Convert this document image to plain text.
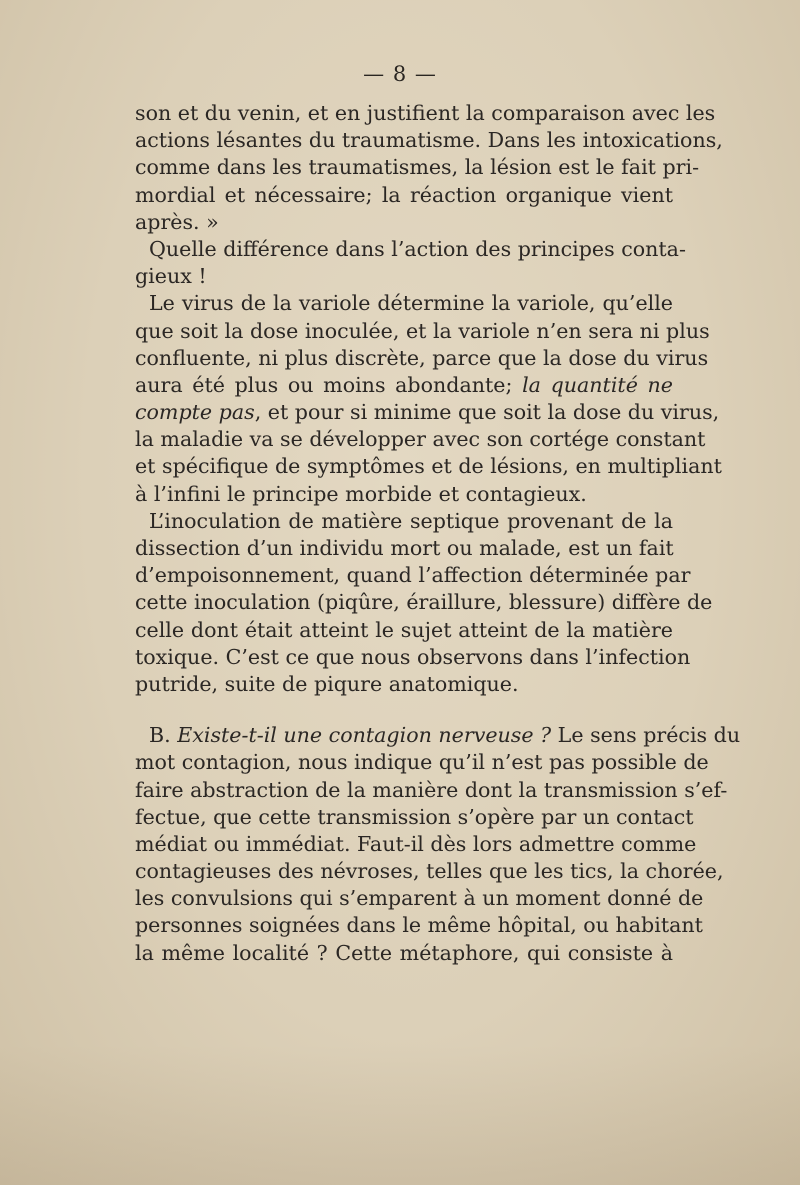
— 8 —
son et du venin, et en justifient la comparaison avec les
actions lésantes du traumatisme. Dans les intoxications,
comme dans les traumatismes, la lésion est le fait pri-
mordial et nécessaire; la réaction organique vient
après. »
Quelle différence dans l’action des principes conta-
gieux !
Le virus de la variole détermine la variole, qu’elle
que soit la dose inoculée, et la variole n’en sera ni plus
confluente, ni plus discrète, parce que la dose du virus
aura été plus ou moins abondante; la quantité ne
compte pas, et pour si minime que soit la dose du virus,
la maladie va se développer avec son cortége constant
et spécifique de symptômes et de lésions, en multipliant
à l’infini le principe morbide et contagieux.
L’inoculation de matière septique provenant de la
dissection d’un individu mort ou malade, est un fait
d’empoisonnement, quand l’affection déterminée par
cette inoculation (piqûre, éraillure, blessure) diffère de
celle dont était atteint le sujet atteint de la matière
toxique. C’est ce que nous observons dans l’infection
putride, suite de piqure anatomique.
B. Existe-t-il une contagion nerveuse ? Le sens précis du
mot contagion, nous indique qu’il n’est pas possible de
faire abstraction de la manière dont la transmission s’ef-
fectue, que cette transmission s’opère par un contact
médiat ou immédiat. Faut-il dès lors admettre comme
contagieuses des névroses, telles que les tics, la chorée,
les convulsions qui s’emparent à un moment donné de
personnes soignées dans le même hôpital, ou habitant
la même localité ? Cette métaphore, qui consiste à
